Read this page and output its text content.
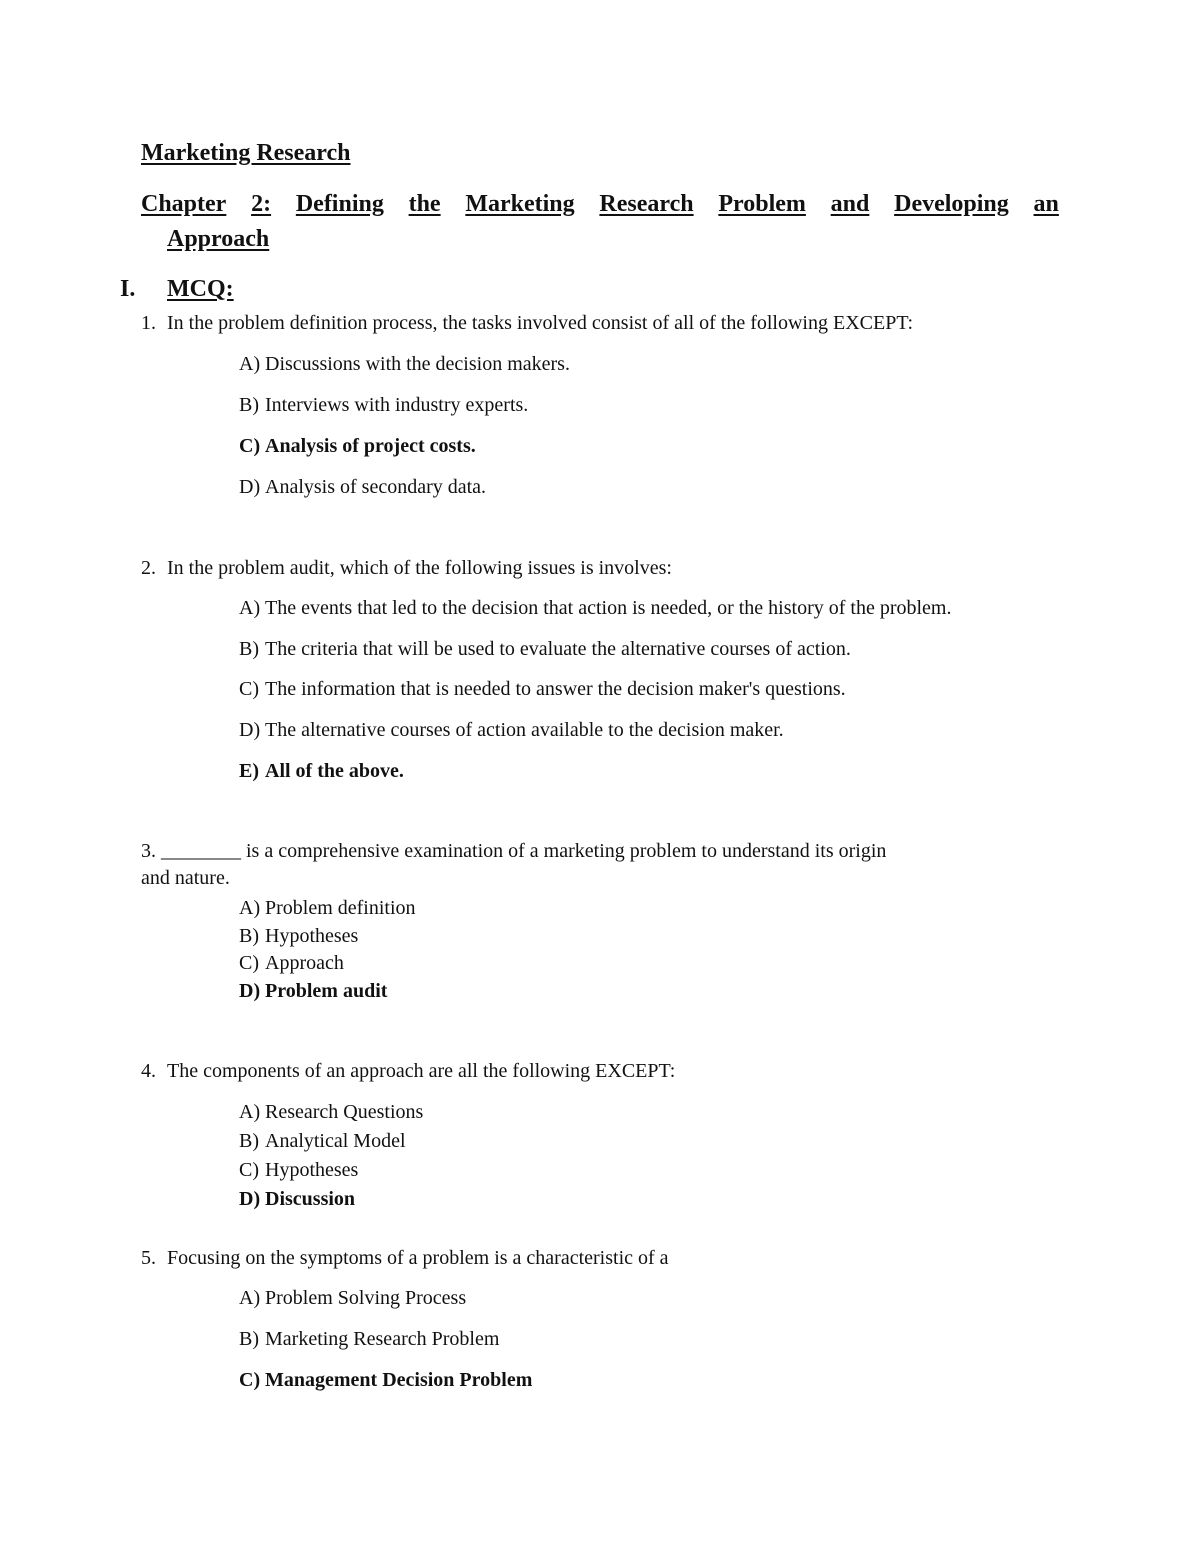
Marketing Research
Chapter 2: Defining the Marketing Research Problem and Developing an
Approach
I. MCQ:
1. In the problem definition process, the tasks involved consist of all of the following EXCEPT:
A) Discussions with the decision makers.
B) Interviews with industry experts.
C) Analysis of project costs.
D) Analysis of secondary data.
2. In the problem audit, which of the following issues is involves:
A) The events that led to the decision that action is needed, or the history of the problem.
B) The criteria that will be used to evaluate the alternative courses of action.
C) The information that is needed to answer the decision maker's questions.
D) The alternative courses of action available to the decision maker.
E) All of the above.
3. ________ is a comprehensive examination of a marketing problem to understand its origin
and nature.
A) Problem definition
B) Hypotheses
C) Approach
D) Problem audit
4. The components of an approach are all the following EXCEPT:
A) Research Questions
B) Analytical Model
C) Hypotheses
D) Discussion
5. Focusing on the symptoms of a problem is a characteristic of a
A) Problem Solving Process
B) Marketing Research Problem
C) Management Decision Problem
